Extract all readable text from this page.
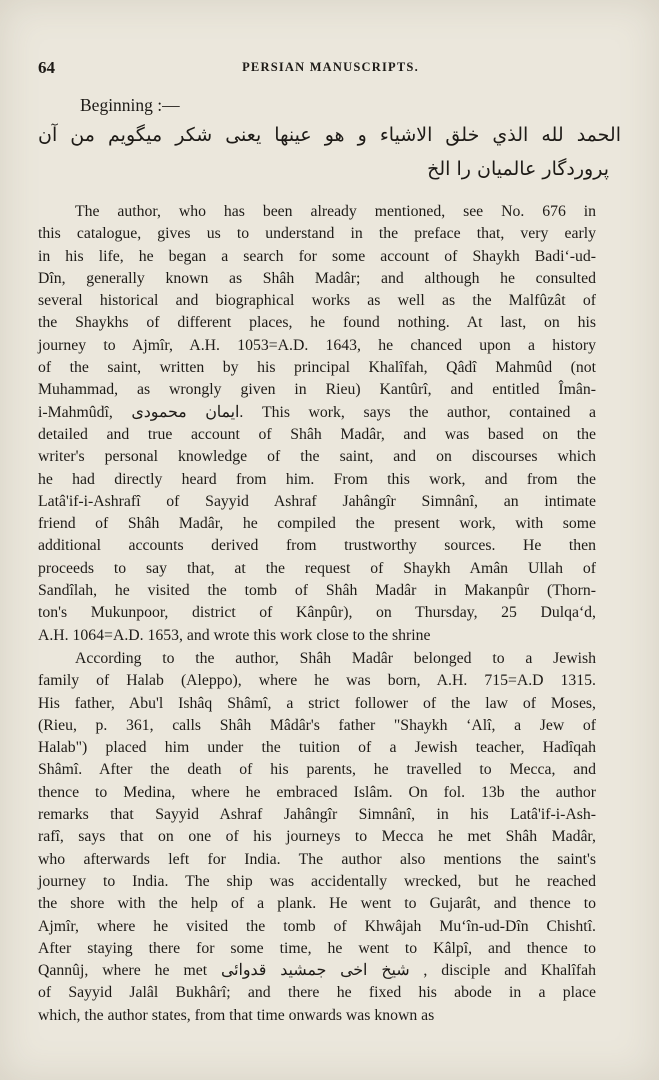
64	PERSIAN MANUSCRIPTS.
Beginning :—
الحمد لله الذي خلق الاشياء و هو عینها یعنی شکر میگویم من آن
پروردگار عالمیان را الخ
The author, who has been already mentioned, see No. 676 in
this catalogue, gives us to understand in the preface that, very early
in his life, he began a search for some account of Shaykh Badi‘-ud-
Dîn, generally known as Shâh Madâr; and although he consulted
several historical and biographical works as well as the Malfûzât of
the Shaykhs of different places, he found nothing. At last, on his
journey to Ajmîr, A.H. 1053=A.D. 1643, he chanced upon a history
of the saint, written by his principal Khalîfah, Qâdî Mahmûd (not
Muhammad, as wrongly given in Rieu) Kantûrî, and entitled Îmân-
i-Mahmûdî, ایمان محمودی. This work, says the author, contained a
detailed and true account of Shâh Madâr, and was based on the
writer's personal knowledge of the saint, and on discourses which
he had directly heard from him. From this work, and from the
Latâ'if-i-Ashrafî of Sayyid Ashraf Jahângîr Simnânî, an intimate
friend of Shâh Madâr, he compiled the present work, with some
additional accounts derived from trustworthy sources. He then
proceeds to say that, at the request of Shaykh Amân Ullah of
Sandîlah, he visited the tomb of Shâh Madâr in Makanpûr (Thorn-
ton's Mukunpoor, district of Kânpûr), on Thursday, 25 Dulqa‘d,
A.H. 1064=A.D. 1653, and wrote this work close to the shrine
According to the author, Shâh Madâr belonged to a Jewish
family of Halab (Aleppo), where he was born, A.H. 715=A.D 1315.
His father, Abu'l Ishâq Shâmî, a strict follower of the law of Moses,
(Rieu, p. 361, calls Shâh Mâdâr's father "Shaykh ‘Alî, a Jew of
Halab") placed him under the tuition of a Jewish teacher, Hadîqah
Shâmî. After the death of his parents, he travelled to Mecca, and
thence to Medina, where he embraced Islâm. On fol. 13b the author
remarks that Sayyid Ashraf Jahângîr Simnânî, in his Latâ'if-i-Ash-
rafî, says that on one of his journeys to Mecca he met Shâh Madâr,
who afterwards left for India. The author also mentions the saint's
journey to India. The ship was accidentally wrecked, but he reached
the shore with the help of a plank. He went to Gujarât, and thence to
Ajmîr, where he visited the tomb of Khwâjah Mu‘în-ud-Dîn Chishtî.
After staying there for some time, he went to Kâlpî, and thence to
Qannûj, where he met شیخ اخی جمشید قدوائی , disciple and Khalîfah
of Sayyid Jalâl Bukhârî; and there he fixed his abode in a place
which, the author states, from that time onwards was known as
